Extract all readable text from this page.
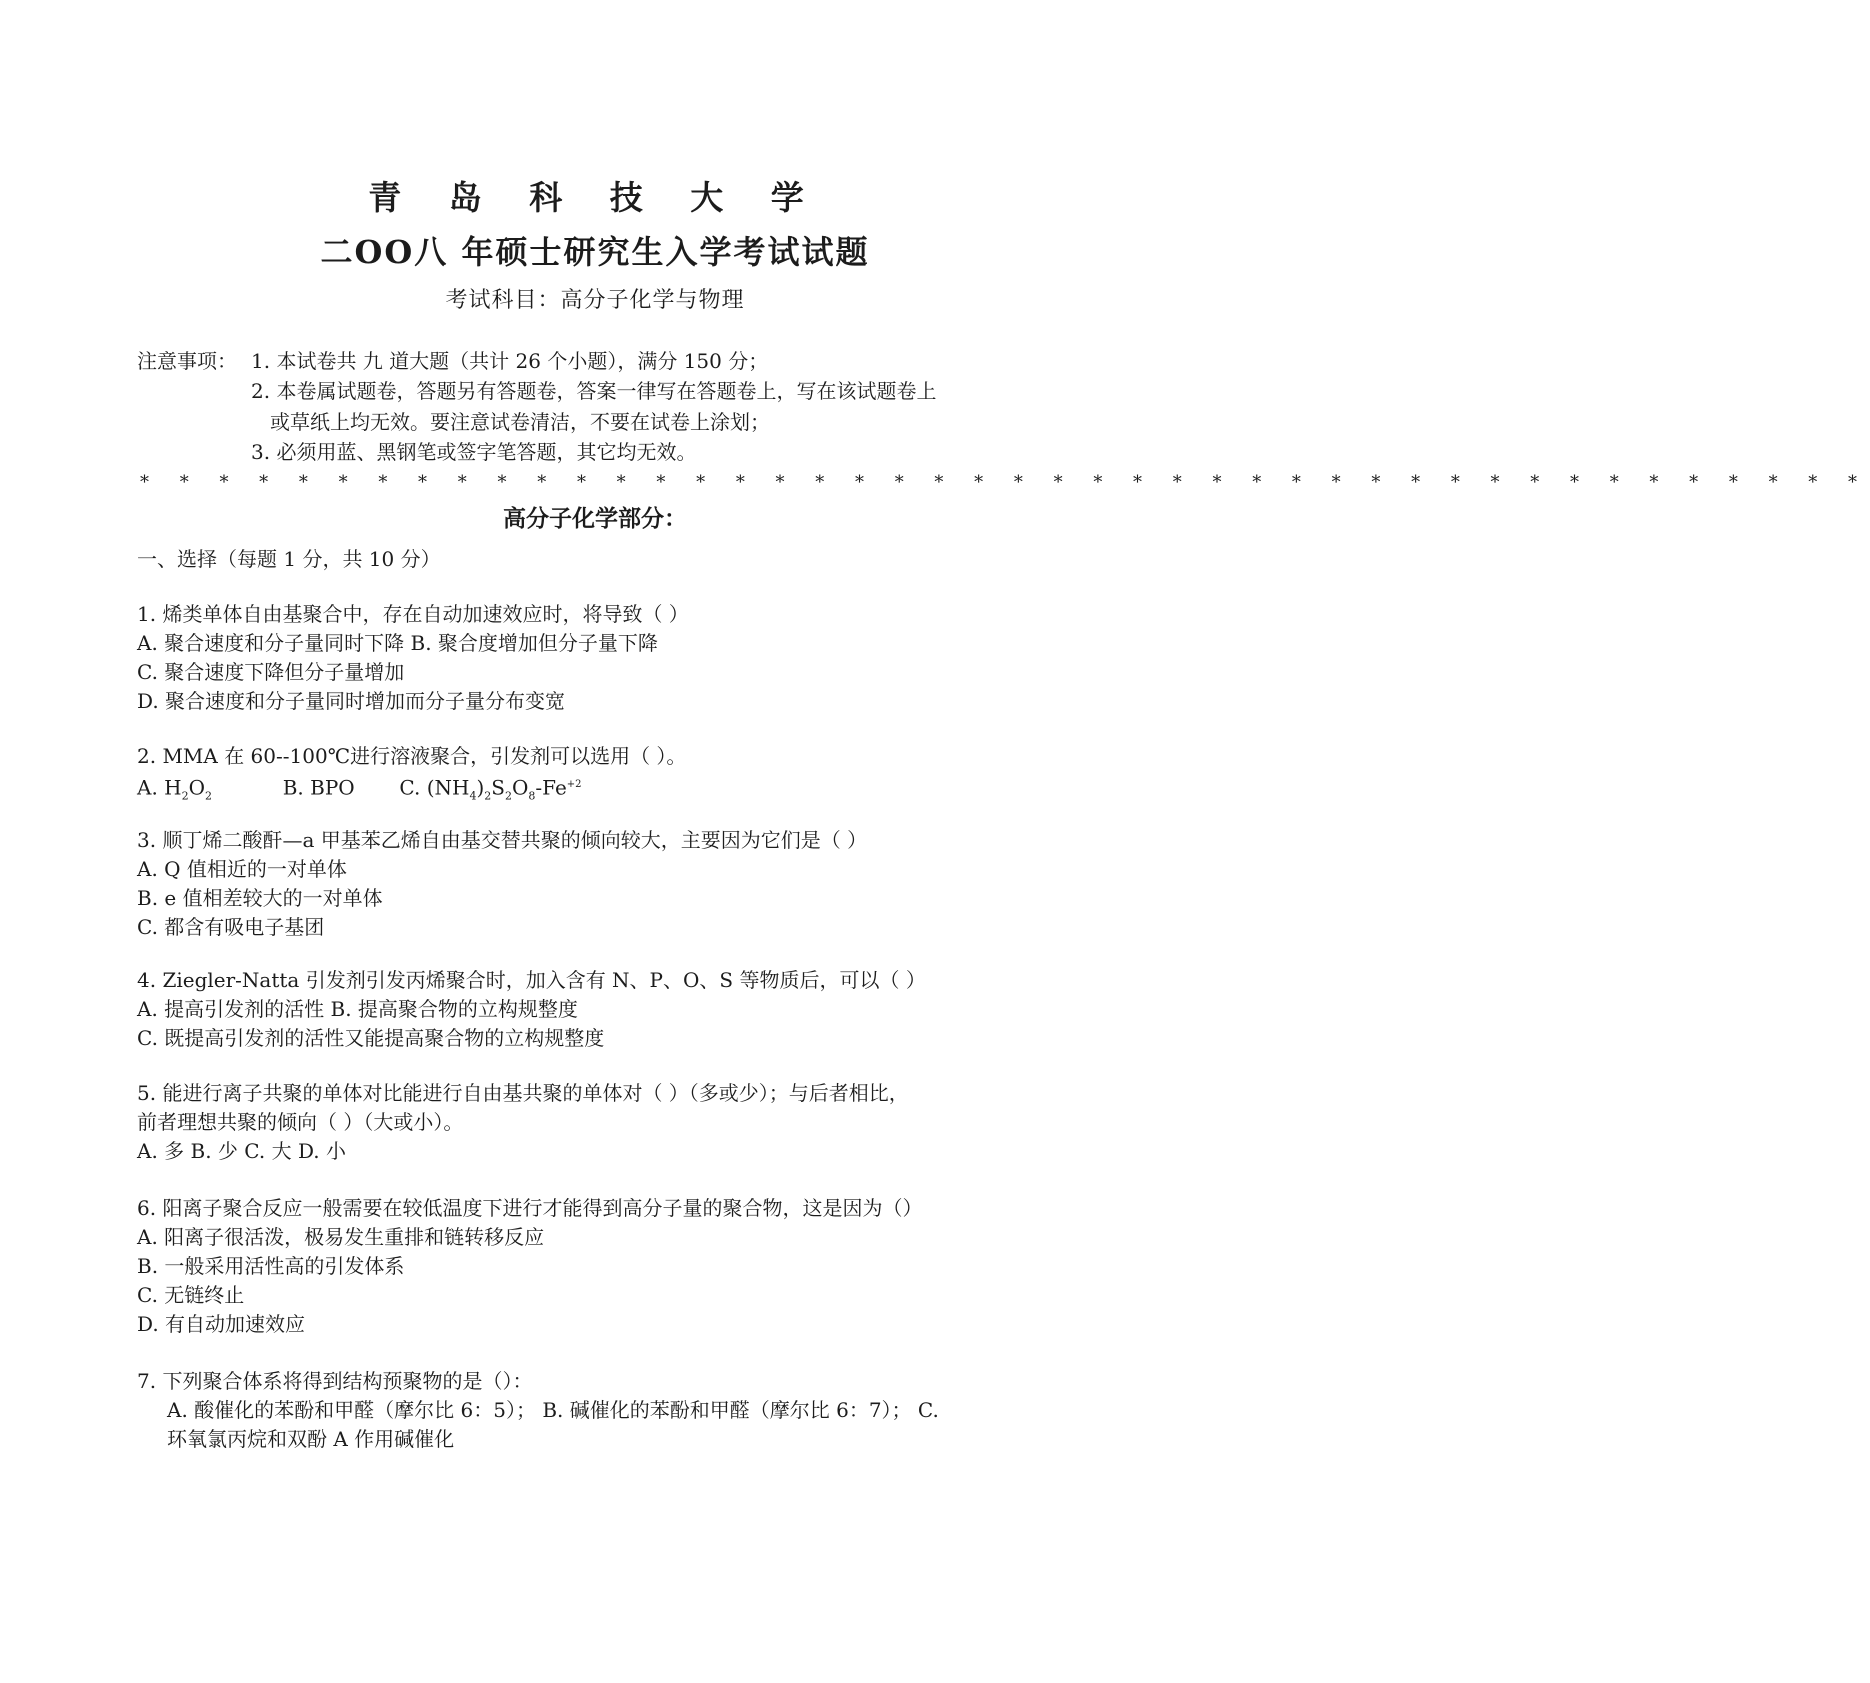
青 岛 科 技 大 学
二OO八 年硕士研究生入学考试试题
考试科目：高分子化学与物理
注意事项： 1. 本试卷共 九 道大题（共计 26 个小题），满分 150 分；
2. 本卷属试题卷，答题另有答题卷，答案一律写在答题卷上，写在该试题卷上
或草纸上均无效。要注意试卷清洁，不要在试卷上涂划；
3. 必须用蓝、黑钢笔或签字笔答题，其它均无效。
* * * * * * * * * * * * * * * * * * * * * * * * * * * * * * * * * * * * * * * * * * * *
高分子化学部分：
一、选择（每题 1 分，共 10 分）
1. 烯类单体自由基聚合中，存在自动加速效应时，将导致（ ）
A. 聚合速度和分子量同时下降 B. 聚合度增加但分子量下降
C. 聚合速度下降但分子量增加
D. 聚合速度和分子量同时增加而分子量分布变宽
2. MMA 在 60--100℃进行溶液聚合，引发剂可以选用（ ）。
A. $H_2O_2$	B. BPO C. $(NH_4)_2S_2O_8-Fe^{+2}$
3. 顺丁烯二酸酐—a 甲基苯乙烯自由基交替共聚的倾向较大，主要因为它们是（ ）
A. Q 值相近的一对单体
B. e 值相差较大的一对单体
C. 都含有吸电子基团
4. Ziegler-Natta 引发剂引发丙烯聚合时，加入含有 N、P、O、S 等物质后，可以（ ）
A. 提高引发剂的活性 B. 提高聚合物的立构规整度
C. 既提高引发剂的活性又能提高聚合物的立构规整度
5. 能进行离子共聚的单体对比能进行自由基共聚的单体对（ ）（多或少）；与后者相比，
前者理想共聚的倾向（ ）（大或小）。
A. 多 B. 少 C. 大 D. 小
6. 阳离子聚合反应一般需要在较低温度下进行才能得到高分子量的聚合物，这是因为（）
A. 阳离子很活泼，极易发生重排和链转移反应
B. 一般采用活性高的引发体系
C. 无链终止
D. 有自动加速效应
7. 下列聚合体系将得到结构预聚物的是（）：
A. 酸催化的苯酚和甲醛（摩尔比 6：5）； B. 碱催化的苯酚和甲醛（摩尔比 6：7）； C.
环氧氯丙烷和双酚 A 作用碱催化
